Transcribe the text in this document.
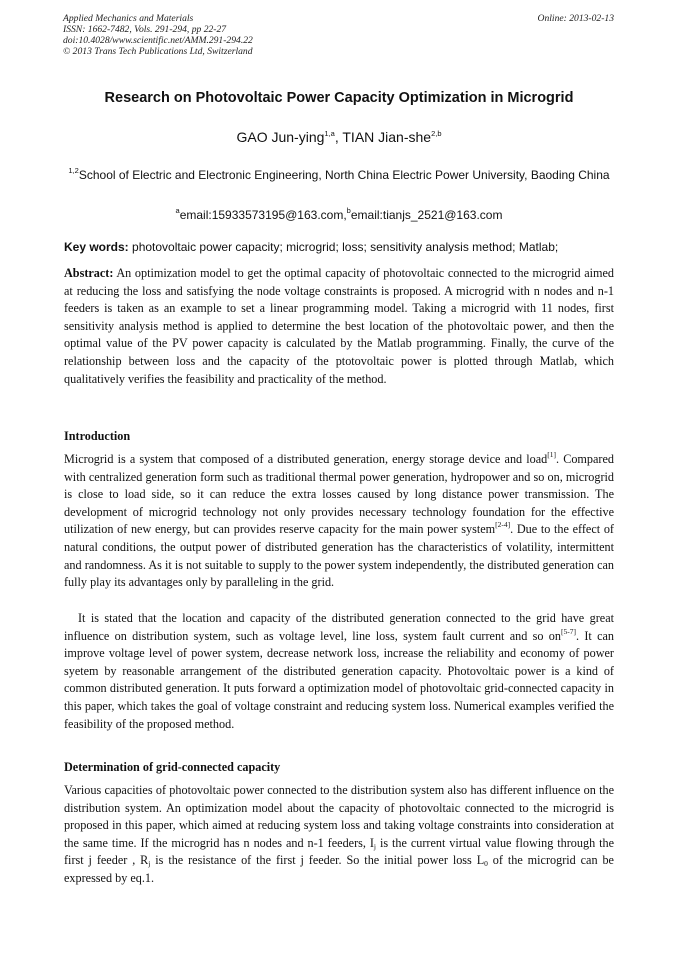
Applied Mechanics and Materials
ISSN: 1662-7482, Vols. 291-294, pp 22-27
doi:10.4028/www.scientific.net/AMM.291-294.22
© 2013 Trans Tech Publications Ltd, Switzerland
Online: 2013-02-13
Research on Photovoltaic Power Capacity Optimization in Microgrid
GAO Jun-ying$^{1,a}$, TIAN Jian-she$^{2,b}$
$^{1,2}$School of Electric and Electronic Engineering, North China Electric Power University, Baoding China
$^a$email:15933573195@163.com,$^b$email:tianjs_2521@163.com
Key words: photovoltaic power capacity; microgrid; loss; sensitivity analysis method; Matlab;
Abstract: An optimization model to get the optimal capacity of photovoltaic connected to the microgrid aimed at reducing the loss and satisfying the node voltage constraints is proposed. A microgrid with n nodes and n-1 feeders is taken as an example to set a linear programming model. Taking a microgrid with 11 nodes, first sensitivity analysis method is applied to determine the best location of the photovoltaic power, and then the optimal value of the PV power capacity is calculated by the Matlab programming. Finally, the curve of the relationship between loss and the capacity of the ptotovoltaic power is plotted through Matlab, which qualitatively verifies the feasibility and practicality of the method.
Introduction
Microgrid is a system that composed of a distributed generation, energy storage device and load[1]. Compared with centralized generation form such as traditional thermal power generation, hydropower and so on, microgrid is close to load side, so it can reduce the extra losses caused by long distance power transmission. The development of microgrid technology not only provides necessary technology foundation for the effective utilization of new energy, but can provides reserve capacity for the main power system[2-4]. Due to the effect of natural conditions, the output power of distributed generation has the characteristics of volatility, intermittent and randomness. As it is not suitable to supply to the power system independently, the distributed generation can fully play its advantages only by paralleling in the grid.
It is stated that the location and capacity of the distributed generation connected to the grid have great influence on distribution system, such as voltage level, line loss, system fault current and so on[5-7]. It can improve voltage level of power system, decrease network loss, increase the reliability and economy of power syetem by reasonable arrangement of the distributed generation capacity. Photovoltaic power is a kind of common distributed generation. It puts forward a optimization model of photovoltaic grid-connected capacity in this paper, which takes the goal of voltage constraint and reducing system loss. Numerical examples verified the feasibility of the proposed method.
Determination of grid-connected capacity
Various capacities of photovoltaic power connected to the distribution system also has different influence on the distribution system. An optimization model about the capacity of photovoltaic connected to the microgrid is proposed in this paper, which aimed at reducing system loss and taking voltage constraints into consideration at the same time. If the microgrid has n nodes and n-1 feeders, $I_j$ is the current virtual value flowing through the first j feeder , $R_j$ is the resistance of the first j feeder. So the initial power loss $L_0$ of the microgrid can be expressed by eq.1.
